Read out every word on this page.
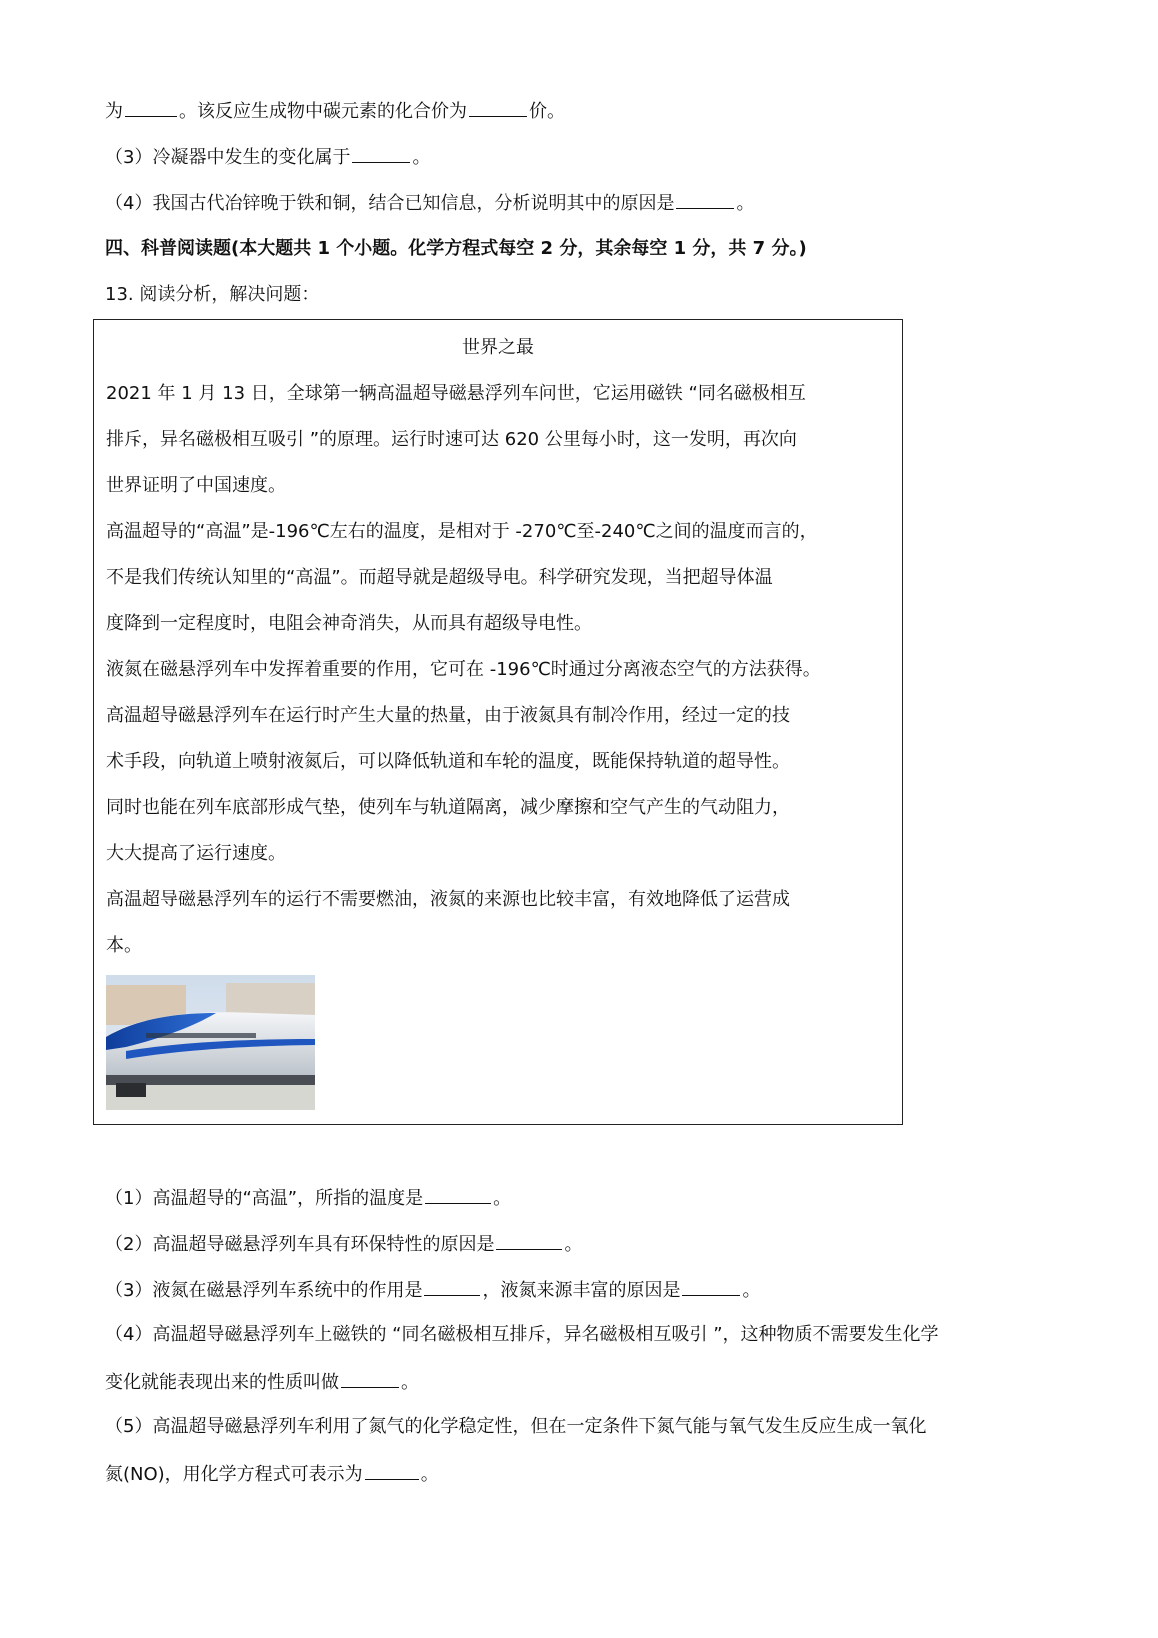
为	。该反应生成物中碳元素的化合价为	价。
（3）冷凝器中发生的变化属于	。
（4）我国古代冶锌晚于铁和铜，结合已知信息，分析说明其中的原因是	。
四、科普阅读题(本大题共 1 个小题。化学方程式每空 2 分，其余每空 1 分，共 7 分。)
13. 阅读分析，解决问题：
世界之最
2021 年 1 月 13 日，全球第一辆高温超导磁悬浮列车问世，它运用磁铁 “同名磁极相互
排斥，异名磁极相互吸引 ”的原理。运行时速可达 620 公里每小时，这一发明，再次向
世界证明了中国速度。
高温超导的“高温”是-196℃左右的温度，是相对于 -270℃至-240℃之间的温度而言的，
不是我们传统认知里的“高温”。而超导就是超级导电。科学研究发现，当把超导体温
度降到一定程度时，电阻会神奇消失，从而具有超级导电性。
液氮在磁悬浮列车中发挥着重要的作用，它可在 -196℃时通过分离液态空气的方法获得。
高温超导磁悬浮列车在运行时产生大量的热量，由于液氮具有制冷作用，经过一定的技
术手段，向轨道上喷射液氮后，可以降低轨道和车轮的温度，既能保持轨道的超导性。
同时也能在列车底部形成气垫，使列车与轨道隔离，减少摩擦和空气产生的气动阻力，
大大提高了运行速度。
高温超导磁悬浮列车的运行不需要燃油，液氮的来源也比较丰富，有效地降低了运营成
本。
（1）高温超导的“高温”，所指的温度是	。
（2）高温超导磁悬浮列车具有环保特性的原因是	。
（3）液氮在磁悬浮列车系统中的作用是	，液氮来源丰富的原因是	。
（4）高温超导磁悬浮列车上磁铁的 “同名磁极相互排斥，异名磁极相互吸引 ”，这种物质不需要发生化学
变化就能表现出来的性质叫做	。
（5）高温超导磁悬浮列车利用了氮气的化学稳定性，但在一定条件下氮气能与氧气发生反应生成一氧化
氮(NO)，用化学方程式可表示为	。
